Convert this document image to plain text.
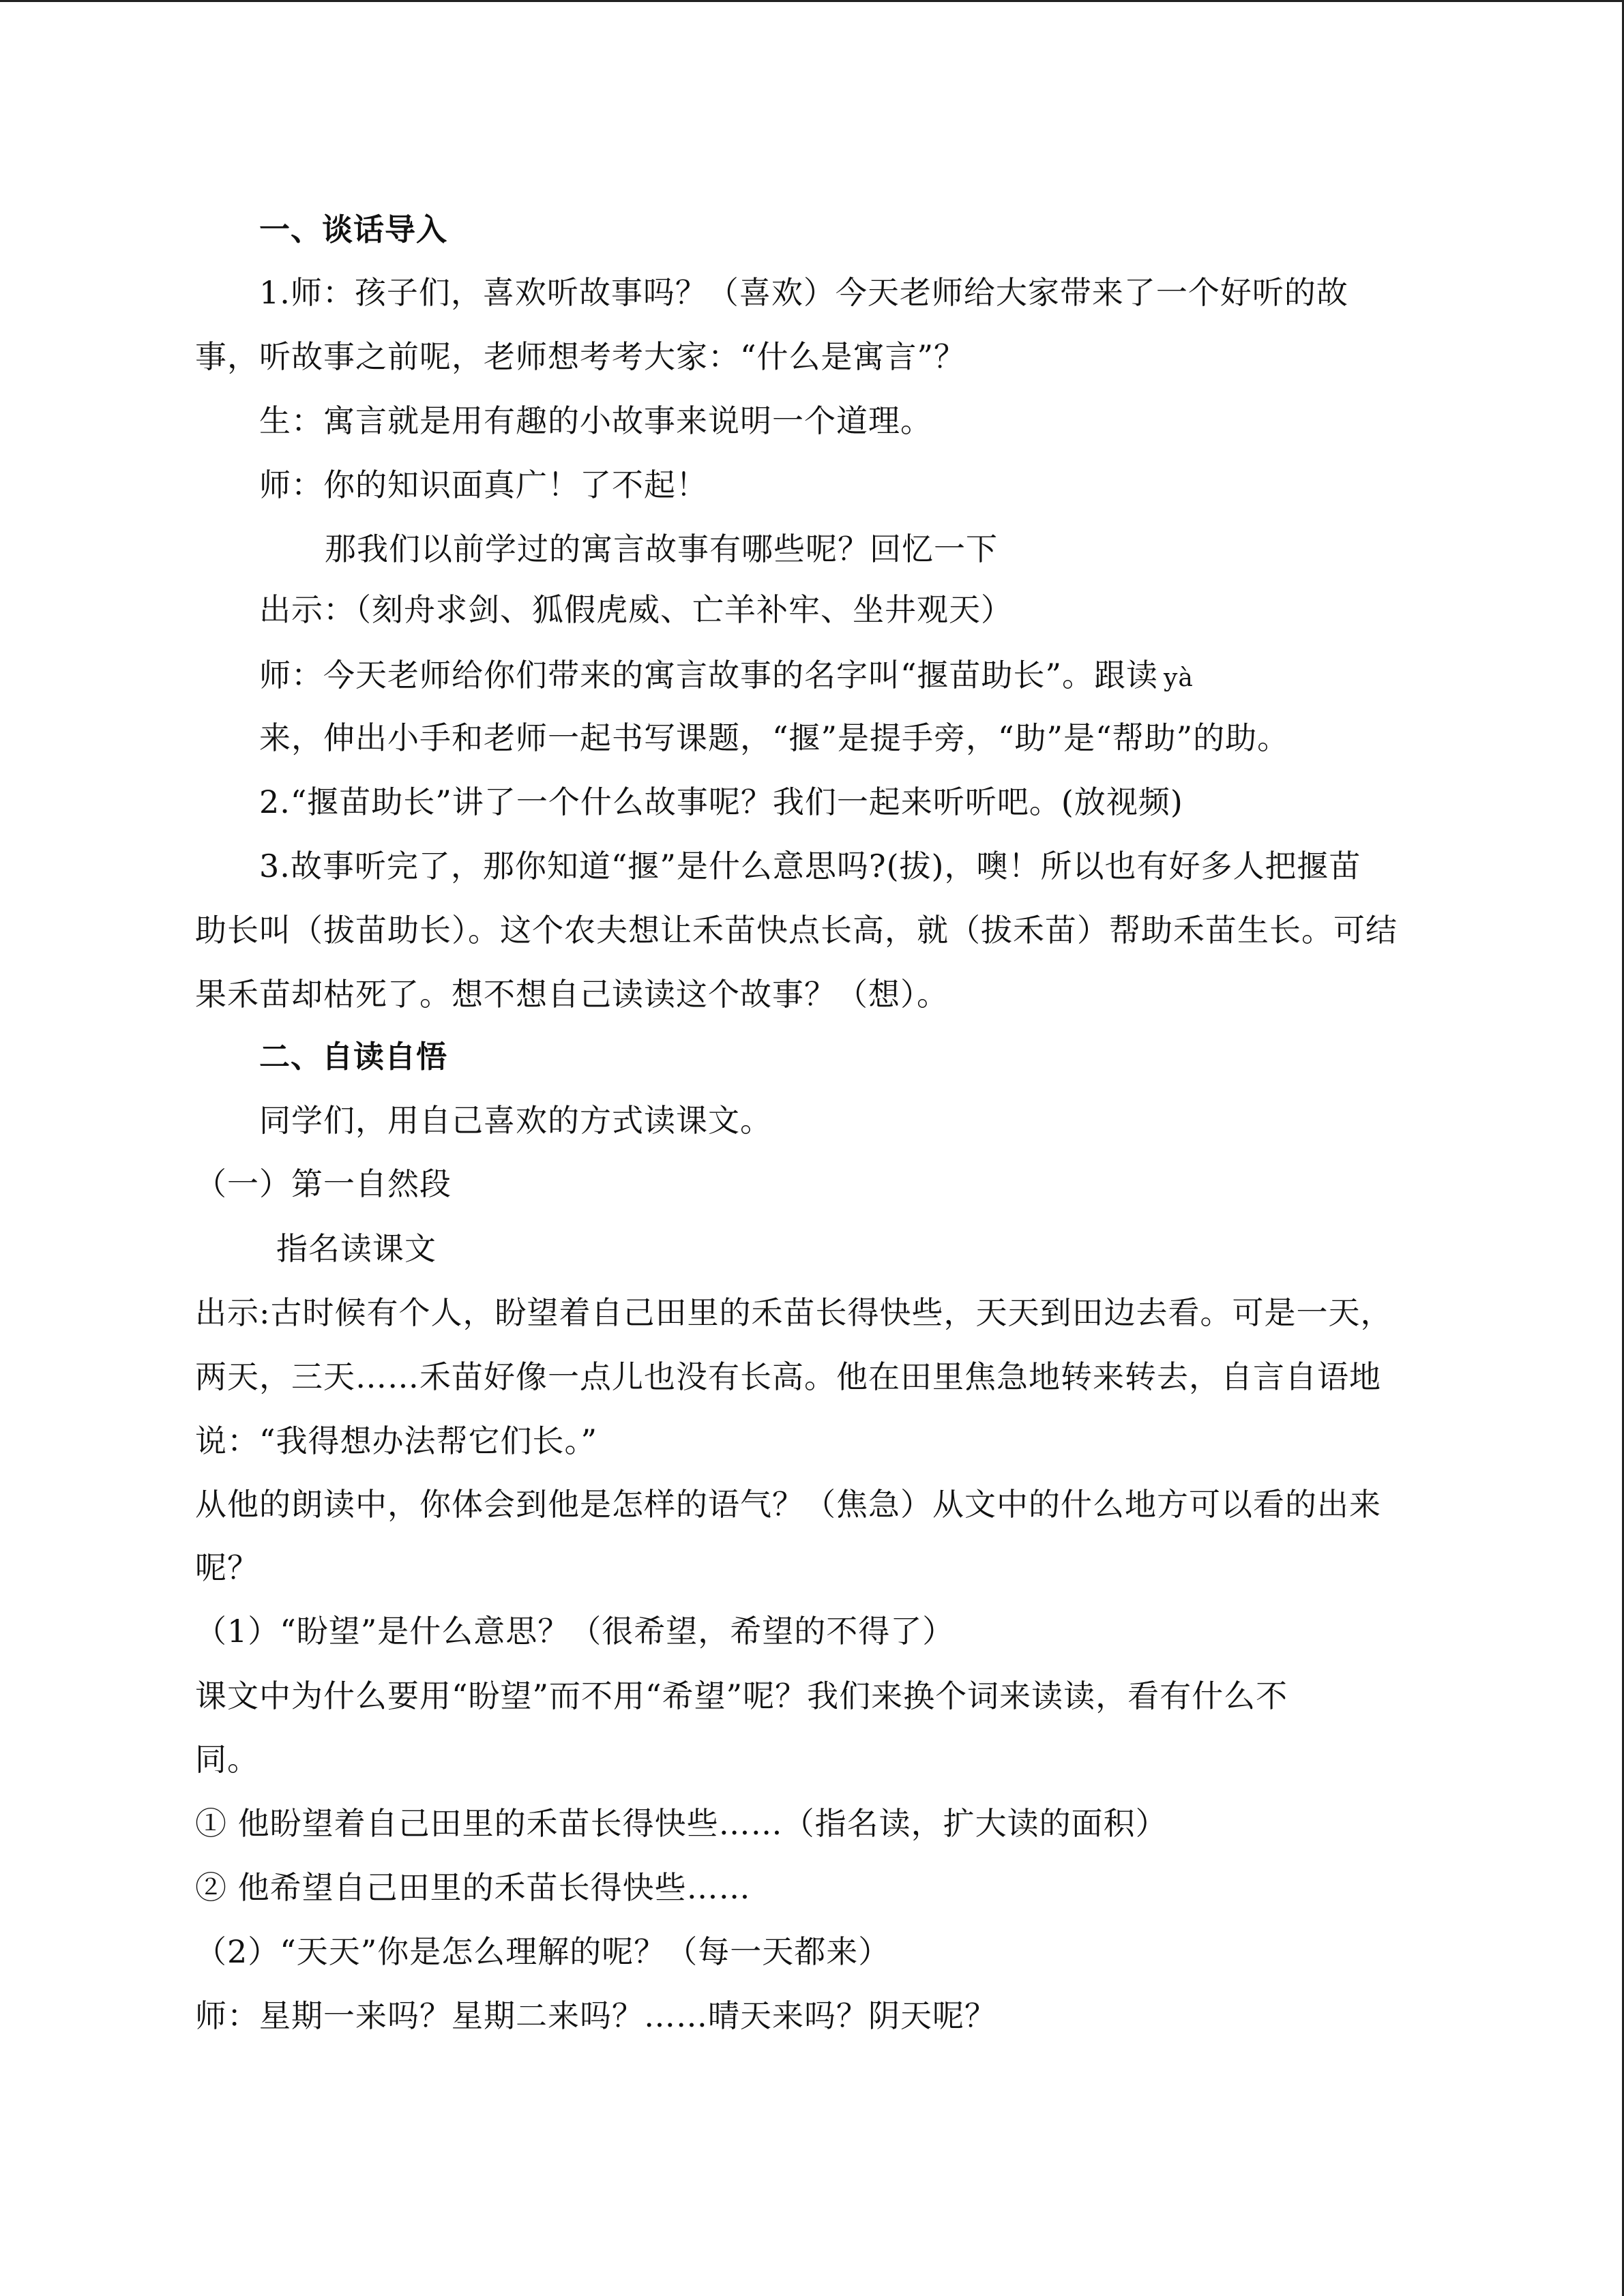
一、谈话导入
1.师：孩子们，喜欢听故事吗？（喜欢）今天老师给大家带来了一个好听的故
事，听故事之前呢，老师想考考大家：“什么是寓言”？
生：寓言就是用有趣的小故事来说明一个道理。
师：你的知识面真广！了不起！
那我们以前学过的寓言故事有哪些呢？回忆一下
出示：（刻舟求剑、狐假虎威、亡羊补牢、坐井观天）
师：今天老师给你们带来的寓言故事的名字叫“揠苗助长”。跟读 yà
来，伸出小手和老师一起书写课题，“揠”是提手旁，“助”是“帮助”的助。
2.“揠苗助长”讲了一个什么故事呢？我们一起来听听吧。(放视频)
3.故事听完了，那你知道“揠”是什么意思吗?(拔)，噢！所以也有好多人把揠苗
助长叫（拔苗助长）。这个农夫想让禾苗快点长高，就（拔禾苗）帮助禾苗生长。可结
果禾苗却枯死了。想不想自己读读这个故事？（想）。
二、自读自悟
同学们，用自己喜欢的方式读课文。
（一）第一自然段
指名读课文
出示:古时候有个人，盼望着自己田里的禾苗长得快些，天天到田边去看。可是一天，
两天，三天……禾苗好像一点儿也没有长高。他在田里焦急地转来转去，自言自语地
说：“我得想办法帮它们长。”
从他的朗读中，你体会到他是怎样的语气？（焦急）从文中的什么地方可以看的出来
呢？
（1）“盼望”是什么意思？（很希望，希望的不得了）
课文中为什么要用“盼望”而不用“希望”呢？我们来换个词来读读，看有什么不
同。
① 他盼望着自己田里的禾苗长得快些……（指名读，扩大读的面积）
② 他希望自己田里的禾苗长得快些……
（2）“天天”你是怎么理解的呢？（每一天都来）
师：星期一来吗？星期二来吗？……晴天来吗？阴天呢？
